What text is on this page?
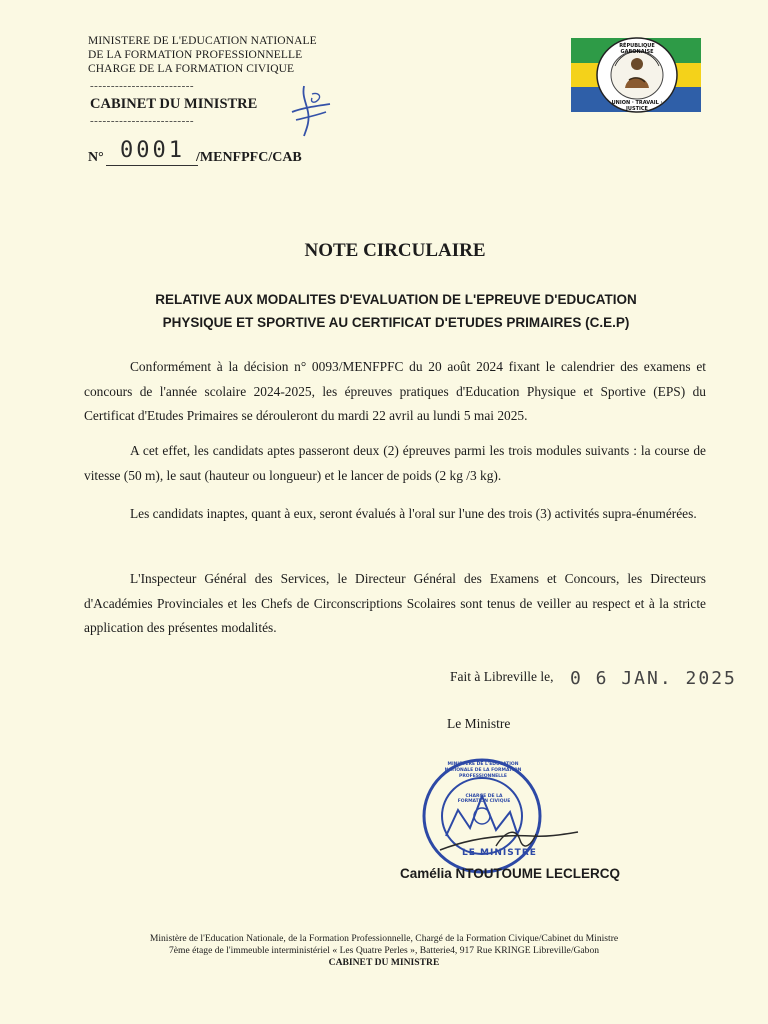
MINISTERE DE L'EDUCATION NATIONALE
DE LA FORMATION PROFESSIONNELLE
CHARGE DE LA FORMATION CIVIQUE
-------------------------
CABINET DU MINISTRE
-------------------------
N° 0001 /MENFPFC/CAB
RÉPUBLIQUE GABONAISE
UNION · TRAVAIL · JUSTICE
NOTE CIRCULAIRE
RELATIVE AUX MODALITES D'EVALUATION DE L'EPREUVE D'EDUCATION
PHYSIQUE ET SPORTIVE AU CERTIFICAT D'ETUDES PRIMAIRES (C.E.P)
Conformément à la décision n° 0093/MENFPFC du 20 août 2024 fixant le calendrier des examens et concours de l'année scolaire 2024-2025, les épreuves pratiques d'Education Physique et Sportive (EPS) du Certificat d'Etudes Primaires se dérouleront du mardi 22 avril au lundi 5 mai 2025.
A cet effet, les candidats aptes passeront deux (2) épreuves parmi les trois modules suivants : la course de vitesse (50 m), le saut (hauteur ou longueur) et le lancer de poids (2 kg /3 kg).
Les candidats inaptes, quant à eux, seront évalués à l'oral sur l'une des trois (3) activités supra-énumérées.
L'Inspecteur Général des Services, le Directeur Général des Examens et Concours, les Directeurs d'Académies Provinciales et les Chefs de Circonscriptions Scolaires sont tenus de veiller au respect et à la stricte application des présentes modalités.
Fait à Libreville le, 0 6 JAN. 2025
Le Ministre
MINISTERE DE L'EDUCATION NATIONALE DE LA FORMATION PROFESSIONNELLE
CHARGE DE LA FORMATION CIVIQUE
LE MINISTRE
Camélia NTOUTOUME LECLERCQ
Ministère de l'Education Nationale, de la Formation Professionnelle, Chargé de la Formation Civique/Cabinet du Ministre
7ème étage de l'immeuble interministériel « Les Quatre Perles », Batterie4, 917 Rue KRINGE Libreville/Gabon
CABINET DU MINISTRE
